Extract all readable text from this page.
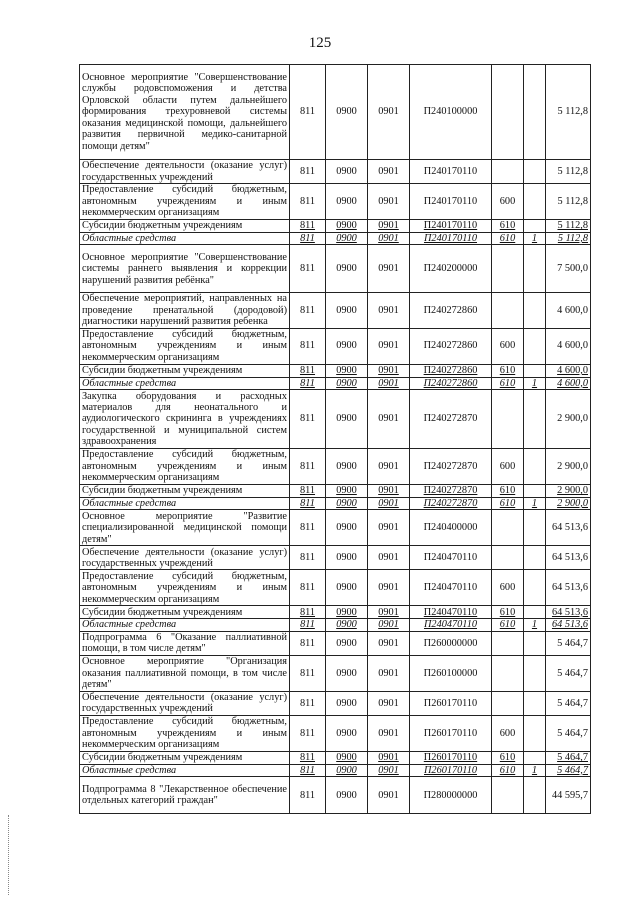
125
Основное мероприятие "Совершенствование службы родовспоможения и детства Орловской области путем дальнейшего формирования трехуровневой системы оказания медицинской помощи, дальнейшего развития первичной медико-санитарной помощи детям"	811	0900	0901	П240100000			5 112,8
Обеспечение деятельности (оказание услуг) государственных учреждений	811	0900	0901	П240170110			5 112,8
Предоставление субсидий бюджетным, автономным учреждениям и иным некоммерческим организациям	811	0900	0901	П240170110	600		5 112,8
Субсидии бюджетным учреждениям	811	0900	0901	П240170110	610		5 112,8
Областные средства	811	0900	0901	П240170110	610	1	5 112,8
Основное мероприятие "Совершенствование системы раннего выявления и коррекции нарушений развития ребёнка"	811	0900	0901	П240200000			7 500,0
Обеспечение мероприятий, направленных на проведение пренатальной (дородовой) диагностики нарушений развития ребенка	811	0900	0901	П240272860			4 600,0
Предоставление субсидий бюджетным, автономным учреждениям и иным некоммерческим организациям	811	0900	0901	П240272860	600		4 600,0
Субсидии бюджетным учреждениям	811	0900	0901	П240272860	610		4 600,0
Областные средства	811	0900	0901	П240272860	610	1	4 600,0
Закупка оборудования и расходных материалов для неонатального и аудиологического скрининга в учреждениях государственной и муниципальной систем здравоохранения	811	0900	0901	П240272870			2 900,0
Предоставление субсидий бюджетным, автономным учреждениям и иным некоммерческим организациям	811	0900	0901	П240272870	600		2 900,0
Субсидии бюджетным учреждениям	811	0900	0901	П240272870	610		2 900,0
Областные средства	811	0900	0901	П240272870	610	1	2 900,0
Основное мероприятие "Развитие специализированной медицинской помощи детям"	811	0900	0901	П240400000			64 513,6
Обеспечение деятельности (оказание услуг) государственных учреждений	811	0900	0901	П240470110			64 513,6
Предоставление субсидий бюджетным, автономным учреждениям и иным некоммерческим организациям	811	0900	0901	П240470110	600		64 513,6
Субсидии бюджетным учреждениям	811	0900	0901	П240470110	610		64 513,6
Областные средства	811	0900	0901	П240470110	610	1	64 513,6
Подпрограмма 6 "Оказание паллиативной помощи, в том числе детям"	811	0900	0901	П260000000			5 464,7
Основное мероприятие "Организация оказания паллиативной помощи, в том числе детям"	811	0900	0901	П260100000			5 464,7
Обеспечение деятельности (оказание услуг) государственных учреждений	811	0900	0901	П260170110			5 464,7
Предоставление субсидий бюджетным, автономным учреждениям и иным некоммерческим организациям	811	0900	0901	П260170110	600		5 464,7
Субсидии бюджетным учреждениям	811	0900	0901	П260170110	610		5 464,7
Областные средства	811	0900	0901	П260170110	610	1	5 464,7
Подпрограмма 8 "Лекарственное обеспечение отдельных категорий граждан"	811	0900	0901	П280000000			44 595,7
